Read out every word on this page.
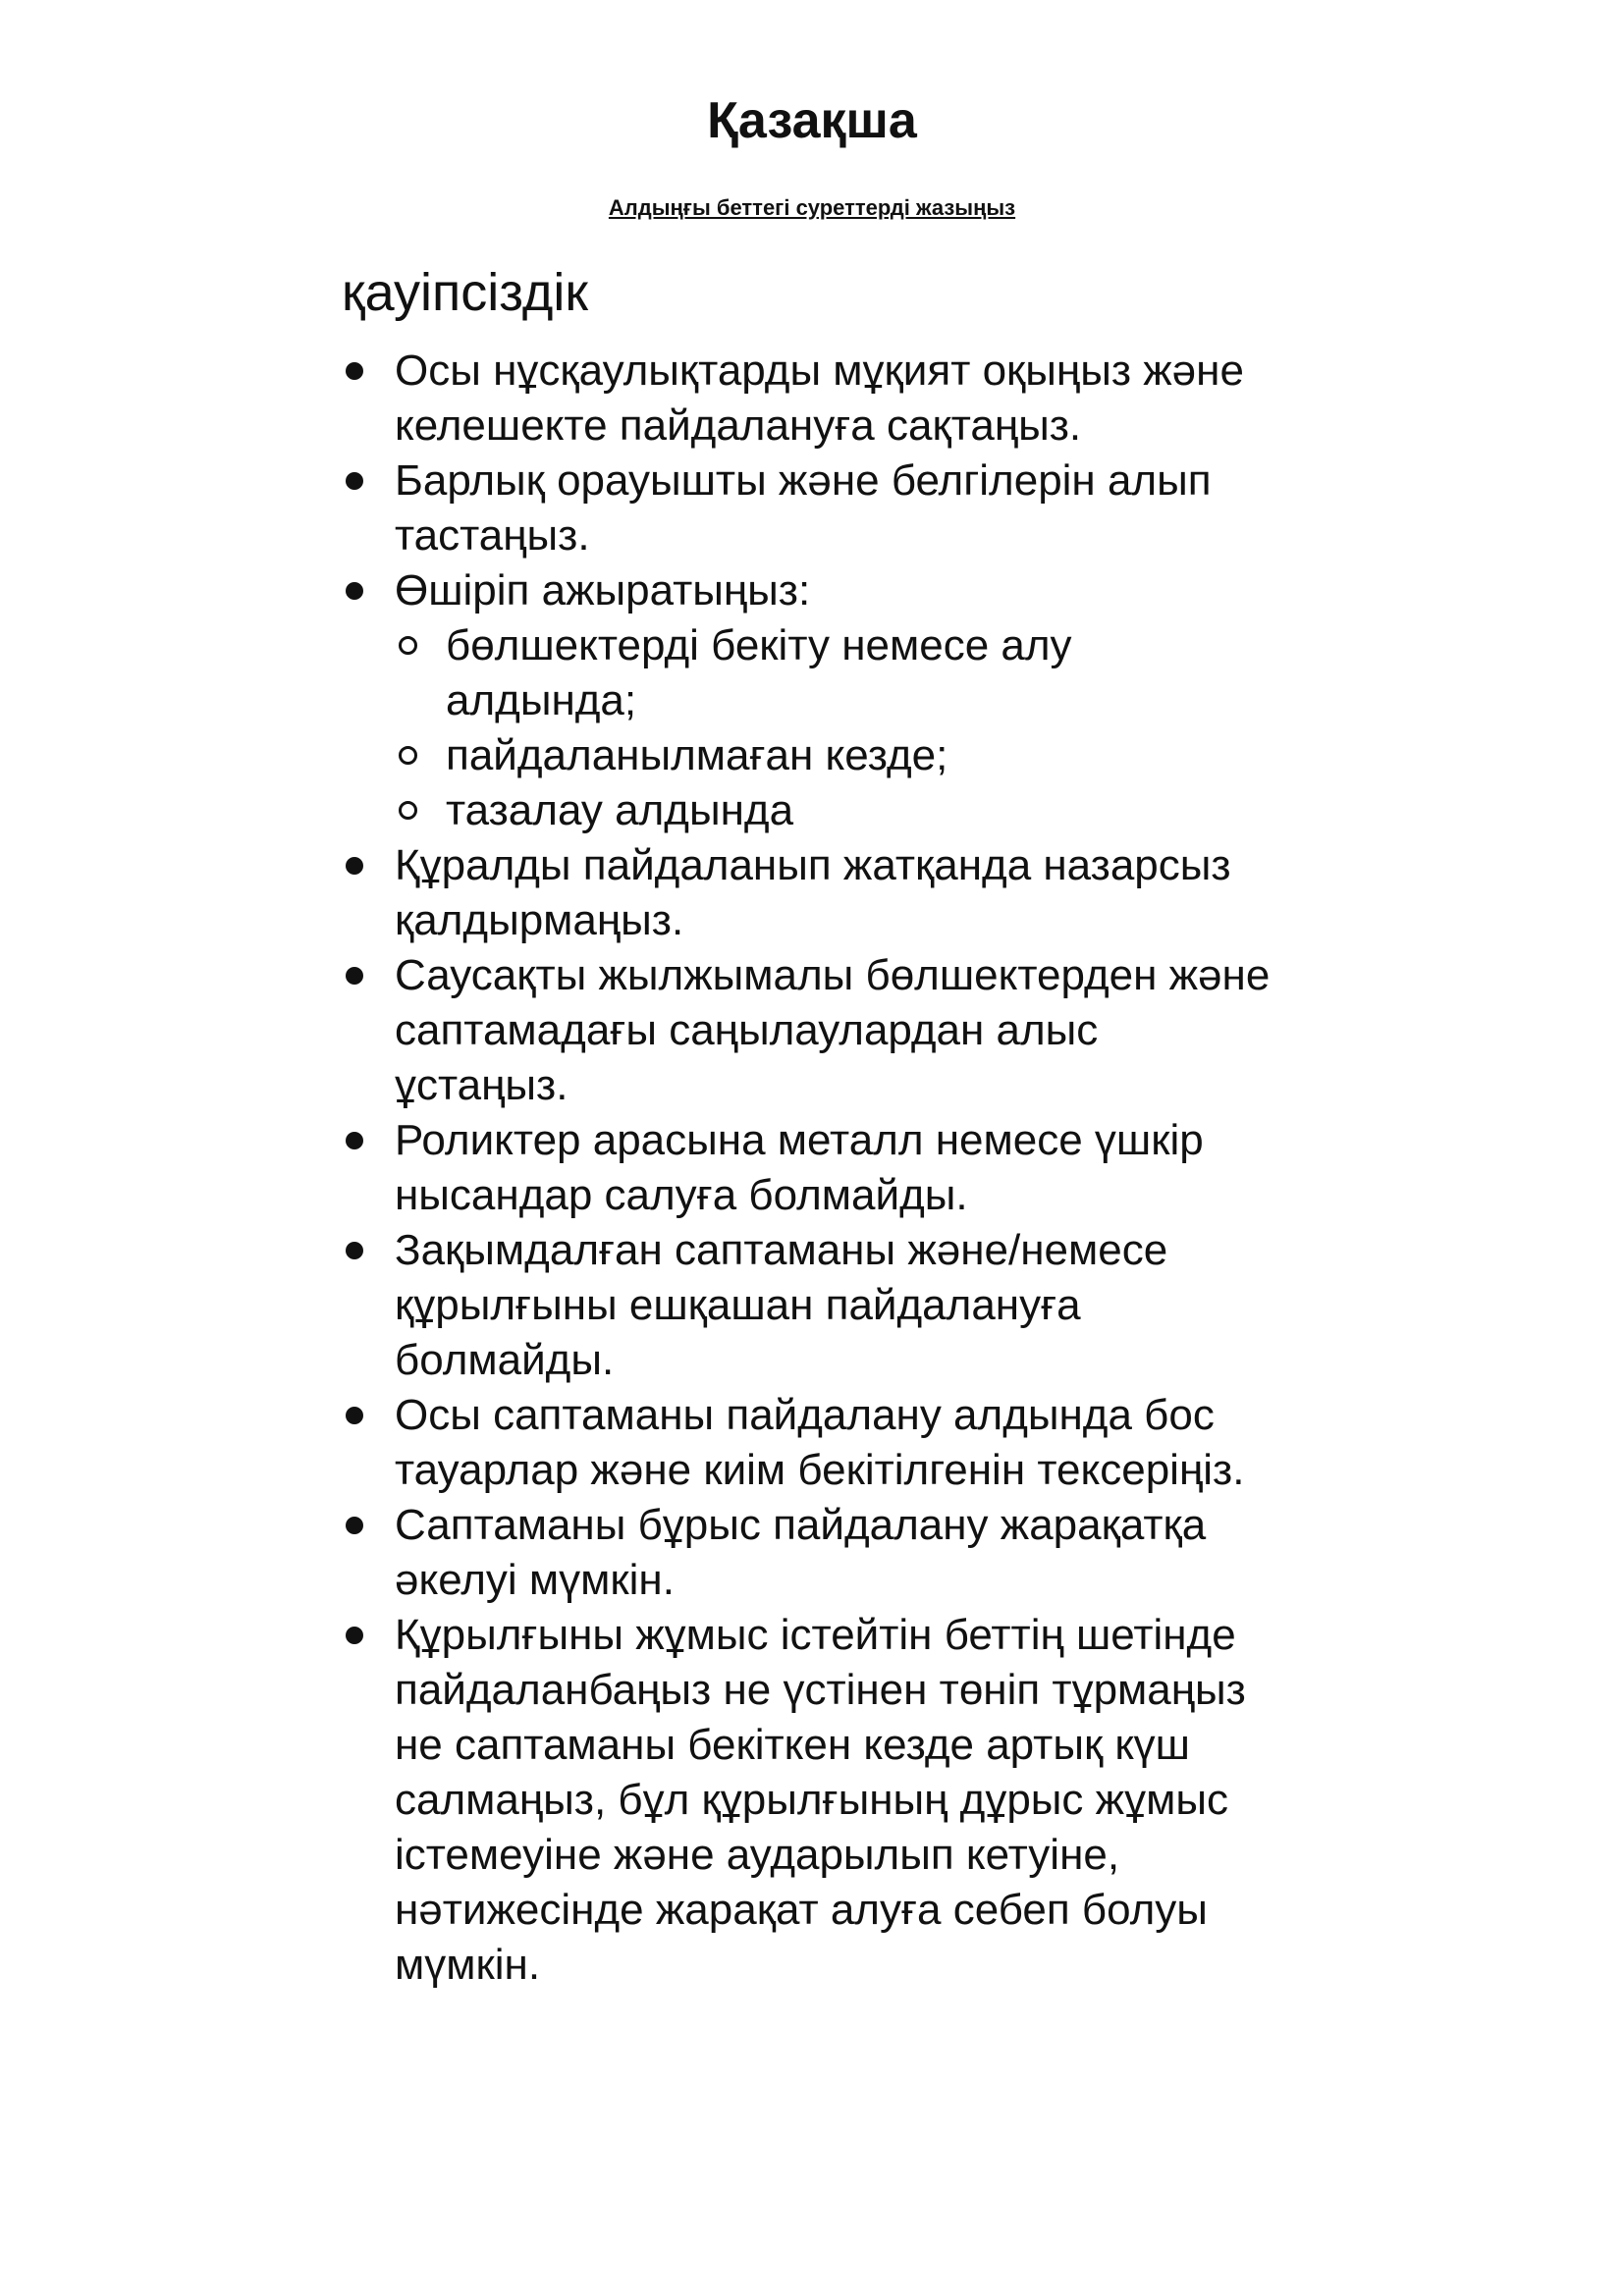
Қазақша

Алдыңғы беттегі суреттерді жазыңыз

қауіпсіздік
Осы нұсқаулықтарды мұқият оқыңыз және келешекте пайдалануға сақтаңыз.
Барлық орауышты және белгілерін алып тастаңыз.
Өшіріп ажыратыңыз:
бөлшектерді бекіту немесе алу алдында;
пайдаланылмаған кезде;
тазалау алдында
Құралды пайдаланып жатқанда назарсыз қалдырмаңыз.
Саусақты жылжымалы бөлшектерден және саптамадағы саңылаулардан алыс ұстаңыз.
Роликтер арасына металл немесе үшкір нысандар салуға болмайды.
Зақымдалған саптаманы және/немесе құрылғыны ешқашан пайдалануға болмайды.
Осы саптаманы пайдалану алдында бос тауарлар және киім бекітілгенін тексеріңіз.
Саптаманы бұрыс пайдалану жарақатқа әкелуі мүмкін.
Құрылғыны жұмыс істейтін беттің шетінде пайдаланбаңыз не үстінен төніп тұрмаңыз не саптаманы бекіткен кезде артық күш салмаңыз, бұл құрылғының дұрыс жұмыс істемеуіне және аударылып кетуіне, нәтижесінде жарақат алуға себеп болуы мүмкін.
